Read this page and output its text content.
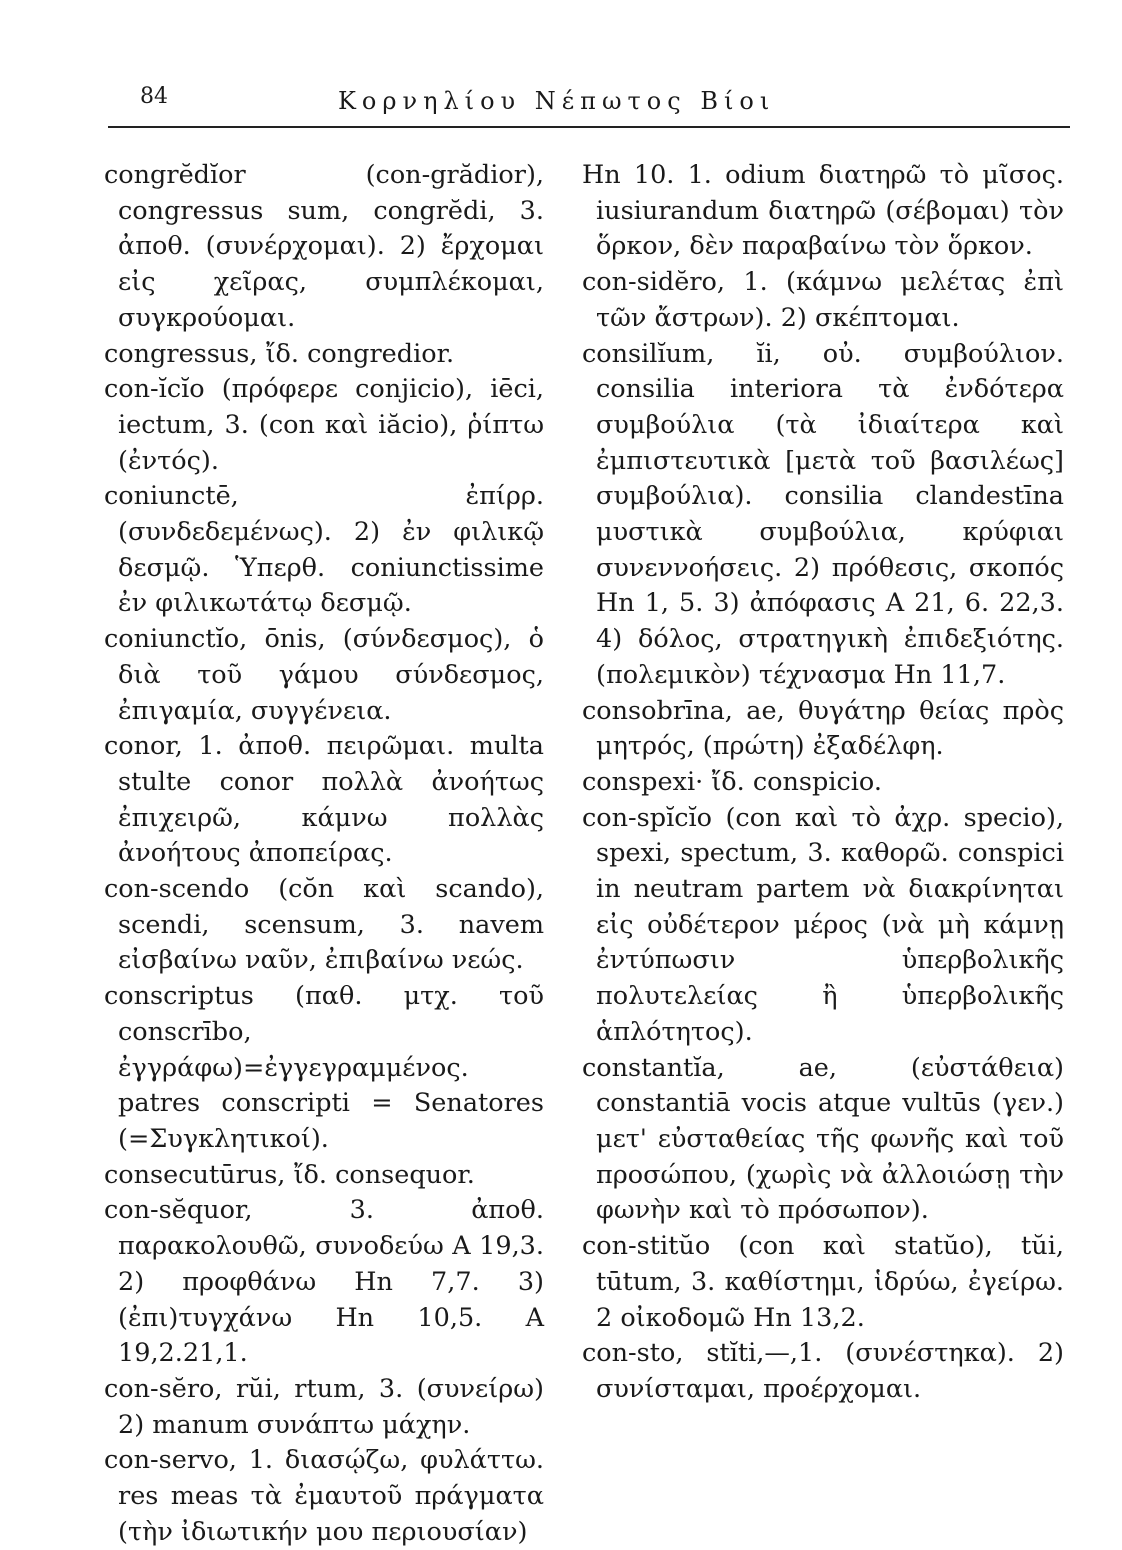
84	Κορνηλίου Νέπωτος Βίοι

congrĕdĭor (con-grădior), congressus sum, congrĕdi, 3. ἀποθ. (συνέρχομαι). 2) ἔρχομαι εἰς χεῖρας, συμπλέκομαι, συγκρούομαι.

congressus, ἴδ. congredior.

con-ĭcĭo (πρόφερε conjicio), iēci, iectum, 3. (con καὶ iăcio), ῥίπτω (ἐντός).

coniunctē, ἐπίρρ. (συνδεδεμένως). 2) ἐν φιλικῷ δεσμῷ. Ὑπερθ. coniunctissime ἐν φιλικωτάτῳ δεσμῷ.

coniunctĭo, ōnis, (σύνδεσμος), ὁ διὰ τοῦ γάμου σύνδεσμος, ἐπιγαμία, συγγένεια.

conor, 1. ἀποθ. πειρῶμαι. multa stulte conor πολλὰ ἀνοήτως ἐπιχειρῶ, κάμνω πολλὰς ἀνοήτους ἀποπείρας.

con-scendo (cŏn καὶ scando), scendi, scensum, 3. navem εἰσβαίνω ναῦν, ἐπιβαίνω νεώς.

conscriptus (παθ. μτχ. τοῦ conscrībo, ἐγγράφω)=ἐγγεγραμμένος. patres conscripti = Senatores (=Συγκλητικοί).

consecutūrus, ἴδ. consequor.

con-sĕquor, 3. ἀποθ. παρακολουθῶ, συνοδεύω Α 19,3. 2) προφθάνω Ηn 7,7. 3) (ἐπι)τυγχάνω Ηn 10,5. Α 19,2.21,1.

con-sĕro, rŭi, rtum, 3. (συνείρω) 2) manum συνάπτω μάχην.

con-servo, 1. διασῴζω, φυλάττω. res meas τὰ ἐμαυτοῦ πράγματα (τὴν ἰδιωτικήν μου περιουσίαν)

Ηn 10. 1. odium διατηρῶ τὸ μῖσος. iusiurandum διατηρῶ (σέβομαι) τὸν ὅρκον, δὲν παραβαίνω τὸν ὅρκον.

con-sidĕro, 1. (κάμνω μελέτας ἐπὶ τῶν ἄστρων). 2) σκέπτομαι.

consilĭum, ĭi, οὐ. συμβούλιον. consilia interiora τὰ ἐνδότερα συμβούλια (τὰ ἰδιαίτερα καὶ ἐμπιστευτικὰ [μετὰ τοῦ βασιλέως] συμβούλια). consilia clandestīna μυστικὰ συμβούλια, κρύφιαι συνεννοήσεις. 2) πρόθεσις, σκοπός Ηn 1, 5. 3) ἀπόφασις Α 21, 6. 22,3. 4) δόλος, στρατηγικὴ ἐπιδεξιότης. (πολεμικὸν) τέχνασμα Ηn 11,7.

consobrīna, ae, θυγάτηρ θείας πρὸς μητρός, (πρώτη) ἐξαδέλφη.

conspexi· ἴδ. conspicio.

con-spĭcĭo (con καὶ τὸ ἀχρ. specio), spexi, spectum, 3. καθορῶ. conspici in neutram partem νὰ διακρίνηται εἰς οὐδέτερον μέρος (νὰ μὴ κάμνῃ ἐντύπωσιν ὑπερβολικῆς πολυτελείας ἢ ὑπερβολικῆς ἁπλότητος).

constantĭa, ae, (εὐστάθεια) constantiā vocis atque vultūs (γεν.) μετ' εὐσταθείας τῆς φωνῆς καὶ τοῦ προσώπου, (χωρὶς νὰ ἀλλοιώσῃ τὴν φωνὴν καὶ τὸ πρόσωπον).

con-stitŭo (con καὶ statŭo), tŭi, tūtum, 3. καθίστημι, ἱδρύω, ἐγείρω. 2 οἰκοδομῶ Ηn 13,2.

con-sto, stĭti,—,1. (συνέστηκα). 2) συνίσταμαι, προέρχομαι.
